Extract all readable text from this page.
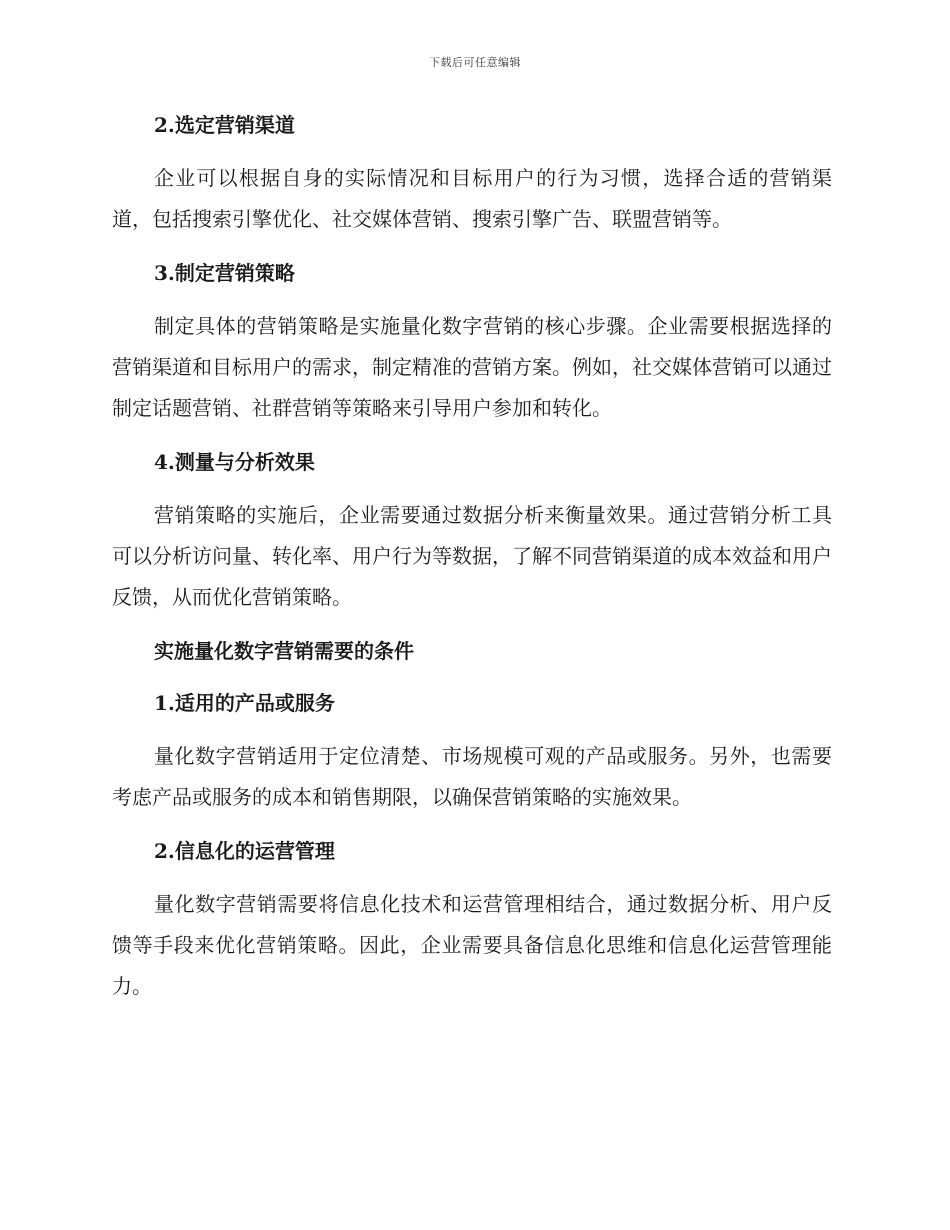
下载后可任意编辑
2.选定营销渠道

企业可以根据自身的实际情况和目标用户的行为习惯，选择合适的营销渠道，包括搜索引擎优化、社交媒体营销、搜索引擎广告、联盟营销等。

3.制定营销策略

制定具体的营销策略是实施量化数字营销的核心步骤。企业需要根据选择的营销渠道和目标用户的需求，制定精准的营销方案。例如，社交媒体营销可以通过制定话题营销、社群营销等策略来引导用户参加和转化。

4.测量与分析效果

营销策略的实施后，企业需要通过数据分析来衡量效果。通过营销分析工具可以分析访问量、转化率、用户行为等数据，了解不同营销渠道的成本效益和用户反馈，从而优化营销策略。

实施量化数字营销需要的条件
1.适用的产品或服务

量化数字营销适用于定位清楚、市场规模可观的产品或服务。另外，也需要考虑产品或服务的成本和销售期限，以确保营销策略的实施效果。

2.信息化的运营管理

量化数字营销需要将信息化技术和运营管理相结合，通过数据分析、用户反馈等手段来优化营销策略。因此，企业需要具备信息化思维和信息化运营管理能力。
